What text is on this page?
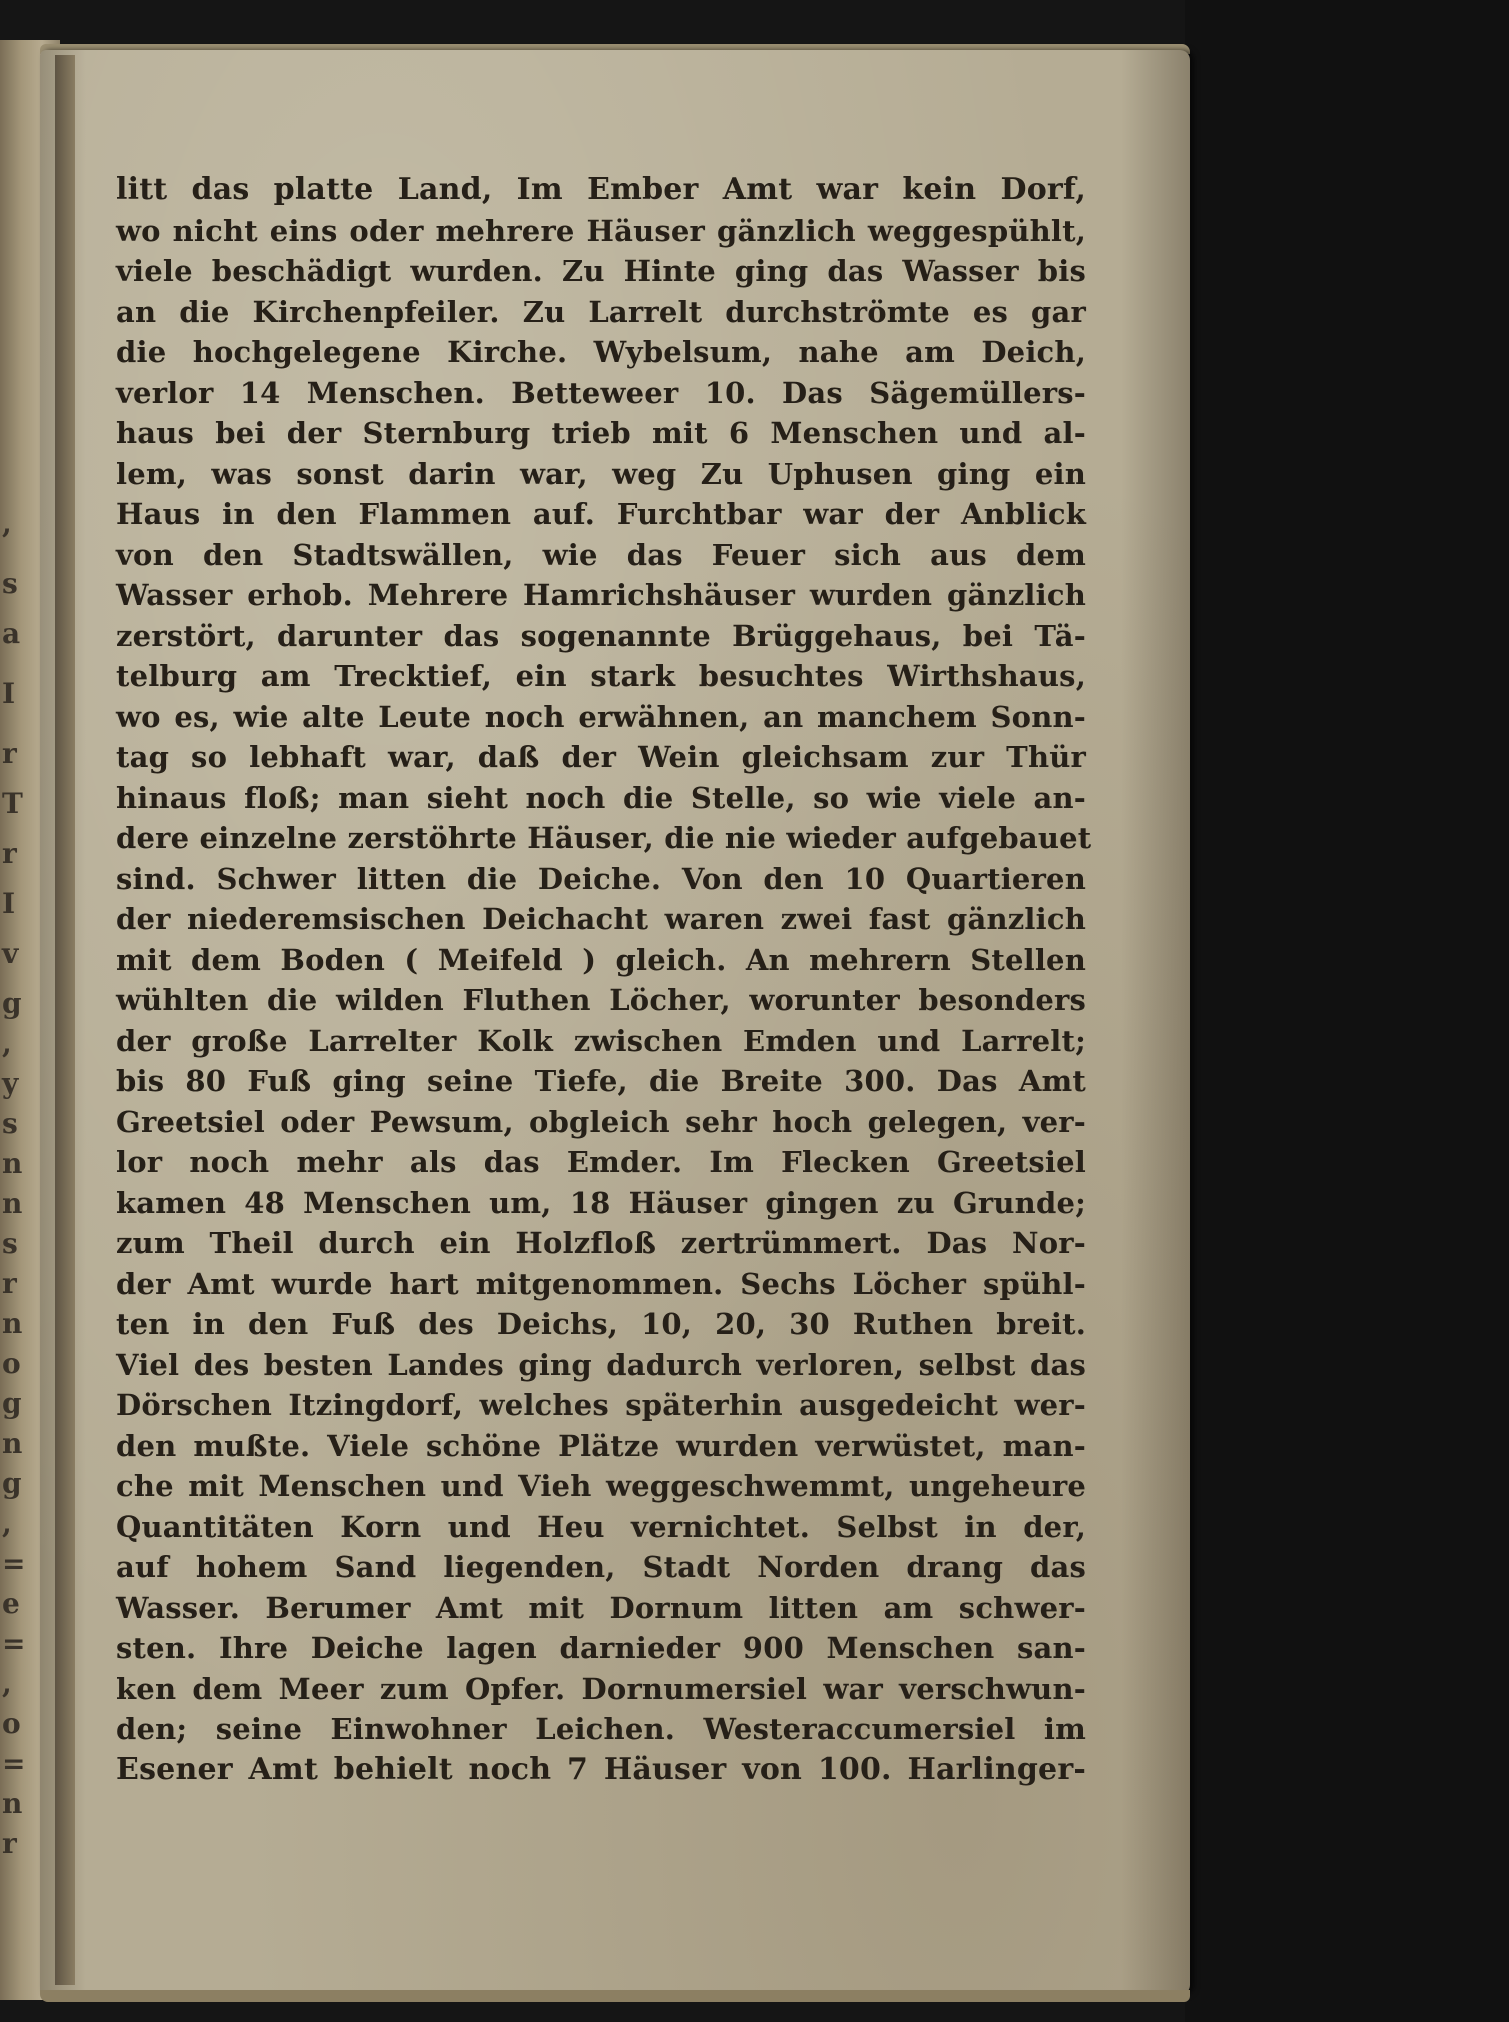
,
s
a
I
r
T
r
I
v
g
,
y
s
n
n
s
r
n
o
g
n
g
,
=
e
=
,
o
=
n
r
litt das platte Land, Im Ember Amt war kein Dorf,
wo nicht eins oder mehrere Häuser gänzlich weggespühlt,
viele beschädigt wurden. Zu Hinte ging das Wasser bis
an die Kirchenpfeiler. Zu Larrelt durchströmte es gar
die hochgelegene Kirche. Wybelsum, nahe am Deich,
verlor 14 Menschen. Betteweer 10. Das Sägemüllers-
haus bei der Sternburg trieb mit 6 Menschen und al-
lem, was sonst darin war, weg Zu Uphusen ging ein
Haus in den Flammen auf. Furchtbar war der Anblick
von den Stadtswällen, wie das Feuer sich aus dem
Wasser erhob. Mehrere Hamrichshäuser wurden gänzlich
zerstört, darunter das sogenannte Brüggehaus, bei Tä-
telburg am Trecktief, ein stark besuchtes Wirthshaus,
wo es, wie alte Leute noch erwähnen, an manchem Sonn-
tag so lebhaft war, daß der Wein gleichsam zur Thür
hinaus floß; man sieht noch die Stelle, so wie viele an-
dere einzelne zerstöhrte Häuser, die nie wieder aufgebauet
sind. Schwer litten die Deiche. Von den 10 Quartieren
der niederemsischen Deichacht waren zwei fast gänzlich
mit dem Boden ( Meifeld ) gleich. An mehrern Stellen
wühlten die wilden Fluthen Löcher, worunter besonders
der große Larrelter Kolk zwischen Emden und Larrelt;
bis 80 Fuß ging seine Tiefe, die Breite 300. Das Amt
Greetsiel oder Pewsum, obgleich sehr hoch gelegen, ver-
lor noch mehr als das Emder. Im Flecken Greetsiel
kamen 48 Menschen um, 18 Häuser gingen zu Grunde;
zum Theil durch ein Holzfloß zertrümmert. Das Nor-
der Amt wurde hart mitgenommen. Sechs Löcher spühl-
ten in den Fuß des Deichs, 10, 20, 30 Ruthen breit.
Viel des besten Landes ging dadurch verloren, selbst das
Dörschen Itzingdorf, welches späterhin ausgedeicht wer-
den mußte. Viele schöne Plätze wurden verwüstet, man-
che mit Menschen und Vieh weggeschwemmt, ungeheure
Quantitäten Korn und Heu vernichtet. Selbst in der,
auf hohem Sand liegenden, Stadt Norden drang das
Wasser. Berumer Amt mit Dornum litten am schwer-
sten. Ihre Deiche lagen darnieder 900 Menschen san-
ken dem Meer zum Opfer. Dornumersiel war verschwun-
den; seine Einwohner Leichen. Westeraccumersiel im
Esener Amt behielt noch 7 Häuser von 100. Harlinger-
